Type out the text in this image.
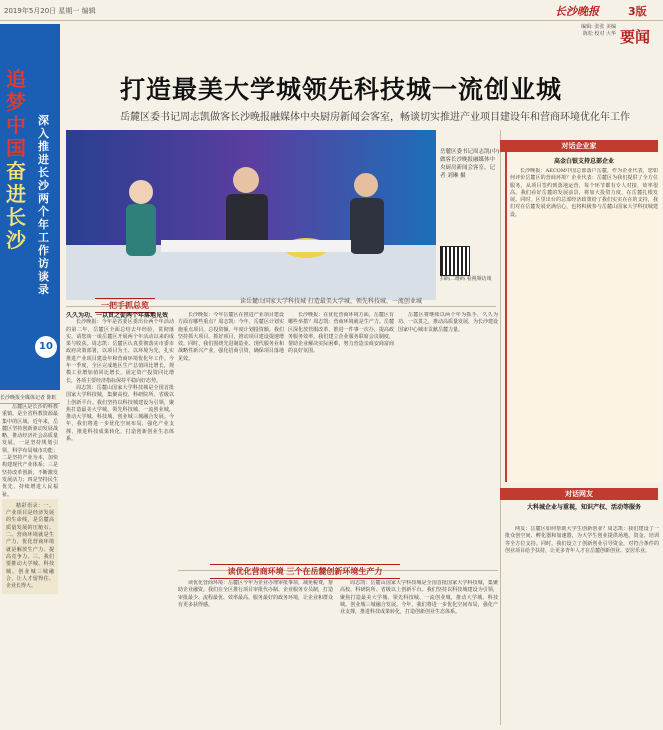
2019年5月20日 星期一 编辑	长沙晚报	3版
编辑: 张张 美编 陈松 校对 大华 要闻
追梦中国 奋进长沙
深入推进长沙两个年工作访谈录
10
长沙晚报全媒体记者 陈虹
打造最美大学城领先科技城一流创业城
岳麓区委书记周志凯做客长沙晚报融媒体中央厨房新闻会客室，畅谈切实推进产业项目建设年和营商环境优化年工作
岳麓区委书记周志凯(中)做客长沙晚报融媒体中央厨房新闻会客室。记者 刘琳 摄
扫码二维码 看视频访谈
读岳麓山国家大学科技城 打造最美大学城、领先科技城、一流创业城
一把手抓总览

岳麓区是长沙的科教重镇，是全省科教资源最集中的区域。近年来，岳麓区坚持创新驱动发展战略，推动经济社会高质量发展。一是坚持规划引领，科学布局城市功能；二是坚持产业为本，加快构建现代产业体系；三是坚持改革创新，不断激发发展活力；四是坚持民生优先，持续增进人民福祉。

精彩语录：一、产业项目是经济发展的生命线，是岳麓高质量发展的压舱石。二、营商环境就是生产力，优化营商环境就是解放生产力、提高竞争力。三、我们要推动大学城、科技城、创业城三城融合，让人才留得住、企业长得大。

久久为功、一以贯之促两个年落地见效

长沙晚报：今年是省委区委出台两个年活动的第二年，岳麓区全面总结去年经验，贯彻落实。请您谈一谈岳麓区开展两个年活动以来的成果与收获。周志凯：岳麓区认真贯彻落实市委市政府决策部署，以项目为王、以环境为先，扎实推进产业项目建设年和营商环境优化年工作。今年一季度，全区完成地区生产总值同比增长，规模工业增加值同比增长，固定资产投资同比增长，各项主要经济指标保持平稳向好态势。

周志凯：岳麓山国家大学科技城是全国首批国家大学科技城，集聚高校、科研院所、省级以上创新平台。我们坚持以科技城建设为引领，聚焦打造最美大学城、领先科技城、一流创业城，推动大学城、科技城、创业城三城融合发展。今年，我们将进一步优化空间布局，强化产业支撑，推进科技成果转化，打造创新创业生态体系。

长沙晚报：今年岳麓区在推进产业项目建设方面有哪些重点？周志凯：今年，岳麓区计划实施重点项目，总投资额，年度计划投资额。我们坚持抓大项目、抓好项目，推动项目建设提速增效。同时，我们围绕先进制造业、现代服务业和战略性新兴产业，强化招商引资，确保项目落地见效。

长沙晚报：在优化营商环境方面，岳麓区有哪些举措？周志凯：营商环境就是生产力。岳麓区深化放管服改革，推进一件事一次办，提高政务服务效率。我们建立企业服务联席会议制度，帮助企业解决实际困难，努力营造亲商安商富商的良好氛围。

岳麓区将继续以两个年为抓手，久久为功、一以贯之，推动高质量发展，为长沙建设国家中心城市贡献岳麓力量。

读优化营商环境 三个在岳麓创新环境生产力

读优化营商环境：岳麓区今年为企业办理审批事项，减免税费，帮助企业融资。我们在全区推行项目审批代办制、企业服务专员制，打造审批最少、流程最优、效率最高、服务最好的政务环境，让企业和群众有更多获得感。

周志凯：岳麓山国家大学科技城是全国首批国家大学科技城，集聚高校、科研院所、省级以上创新平台。我们坚持以科技城建设为引领，聚焦打造最美大学城、领先科技城、一流创业城，推动大学城、科技城、创业城三城融合发展。今年，我们将进一步优化空间布局，强化产业支撑，推进科技成果转化，打造创新创业生态体系。

对话企业家
高金白银支持总部企业

长沙晚报：AECOM中国总部落户岳麓，作为企业代表，您如何评价岳麓区的营商环境？企业代表：岳麓区为我们提供了全方位服务，从项目签约到落地运营，每个环节都有专人对接，效率很高。我们看好岳麓的发展前景，将加大投资力度，在岳麓扎根发展。同时，区里出台的总部经济政策给了我们实实在在的支持，我们对在岳麓发展充满信心，也将积极参与岳麓山国家大学科技城建设。

对话网友
大科城企业与重视，知识产权、活动等服务

网友：岳麓区如何帮助大学生创新创业？周志凯：我们建设了一批众创空间、孵化器和加速器，为大学生创业提供场地、资金、培训等全方位支持。同时，我们设立了创新创业引导资金，对符合条件的创业项目给予扶持，让更多青年人才在岳麓创新创业、安居乐业。
